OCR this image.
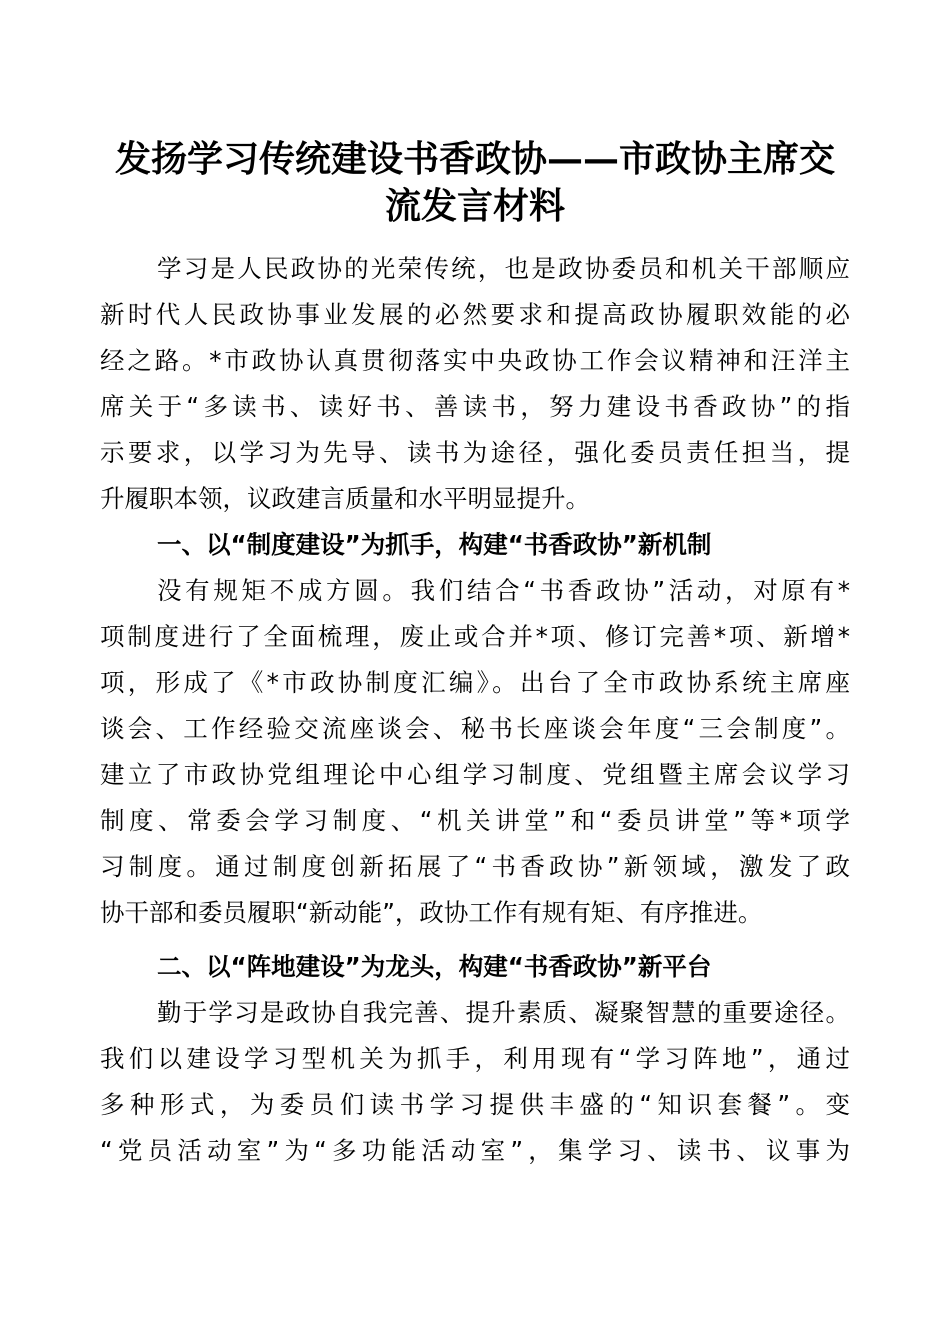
发扬学习传统建设书香政协——市政协主席交
流发言材料

学习是人民政协的光荣传统，也是政协委员和机关干部顺应

新时代人民政协事业发展的必然要求和提高政协履职效能的必

经之路。*市政协认真贯彻落实中央政协工作会议精神和汪洋主

席关于“多读书、读好书、善读书，努力建设书香政协”的指

示要求，以学习为先导、读书为途径，强化委员责任担当，提

升履职本领，议政建言质量和水平明显提升。

一、以“制度建设”为抓手，构建“书香政协”新机制

没有规矩不成方圆。我们结合“书香政协”活动，对原有*

项制度进行了全面梳理，废止或合并*项、修订完善*项、新增*

项，形成了《*市政协制度汇编》。出台了全市政协系统主席座

谈会、工作经验交流座谈会、秘书长座谈会年度“三会制度”。

建立了市政协党组理论中心组学习制度、党组暨主席会议学习

制度、常委会学习制度、“机关讲堂”和“委员讲堂”等*项学

习制度。通过制度创新拓展了“书香政协”新领域，激发了政

协干部和委员履职“新动能”，政协工作有规有矩、有序推进。

二、以“阵地建设”为龙头，构建“书香政协”新平台

勤于学习是政协自我完善、提升素质、凝聚智慧的重要途径。

我们以建设学习型机关为抓手，利用现有“学习阵地”，通过

多种形式，为委员们读书学习提供丰盛的“知识套餐”。变

“党员活动室”为“多功能活动室”，集学习、读书、议事为
